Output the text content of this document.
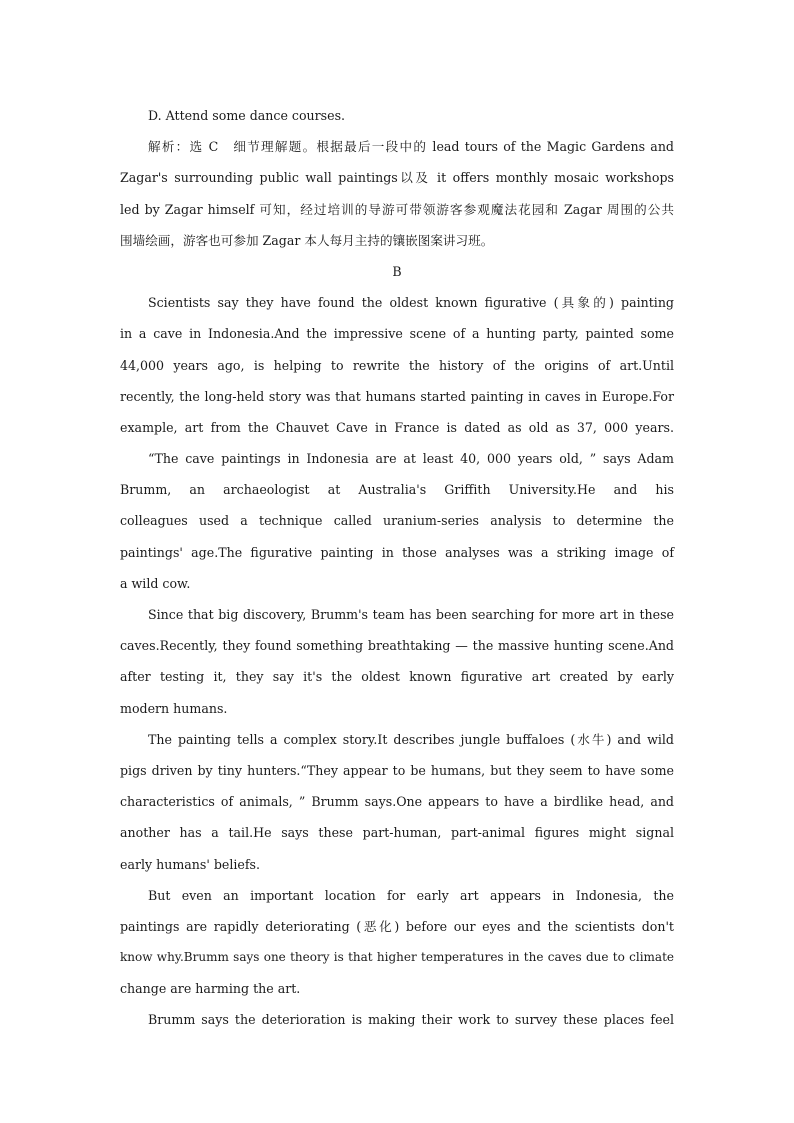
D. Attend some dance courses.
解析：选 C　细节理解题。根据最后一段中的 lead tours of the Magic Gardens and
Zagar's surrounding public wall paintings以及 it offers monthly mosaic workshops
led by Zagar himself 可知，经过培训的导游可带领游客参观魔法花园和 Zagar 周围的公共
围墙绘画，游客也可参加 Zagar 本人每月主持的镶嵌图案讲习班。
B
Scientists say they have found the oldest known figurative (具象的) painting
in a cave in Indonesia.And the impressive scene of a hunting party, painted some
44,000 years ago, is helping to rewrite the history of the origins of art.Until
recently, the long-held story was that humans started painting in caves in Europe.For
example, art from the Chauvet Cave in France is dated as old as 37, 000 years.
“The cave paintings in Indonesia are at least 40, 000 years old, ” says Adam
Brumm, an archaeologist at Australia's Griffith University.He and his
colleagues used a technique called uranium-series analysis to determine the
paintings' age.The figurative painting in those analyses was a striking image of
a wild cow.
Since that big discovery, Brumm's team has been searching for more art in these
caves.Recently, they found something breathtaking — the massive hunting scene.And
after testing it, they say it's the oldest known figurative art created by early
modern humans.
The painting tells a complex story.It describes jungle buffaloes (水牛) and wild
pigs driven by tiny hunters.“They appear to be humans, but they seem to have some
characteristics of animals, ” Brumm says.One appears to have a birdlike head, and
another has a tail.He says these part-human, part-animal figures might signal
early humans' beliefs.
But even an important location for early art appears in Indonesia, the
paintings are rapidly deteriorating (恶化) before our eyes and the scientists don't
know why.Brumm says one theory is that higher temperatures in the caves due to climate
change are harming the art.
Brumm says the deterioration is making their work to survey these places feel
